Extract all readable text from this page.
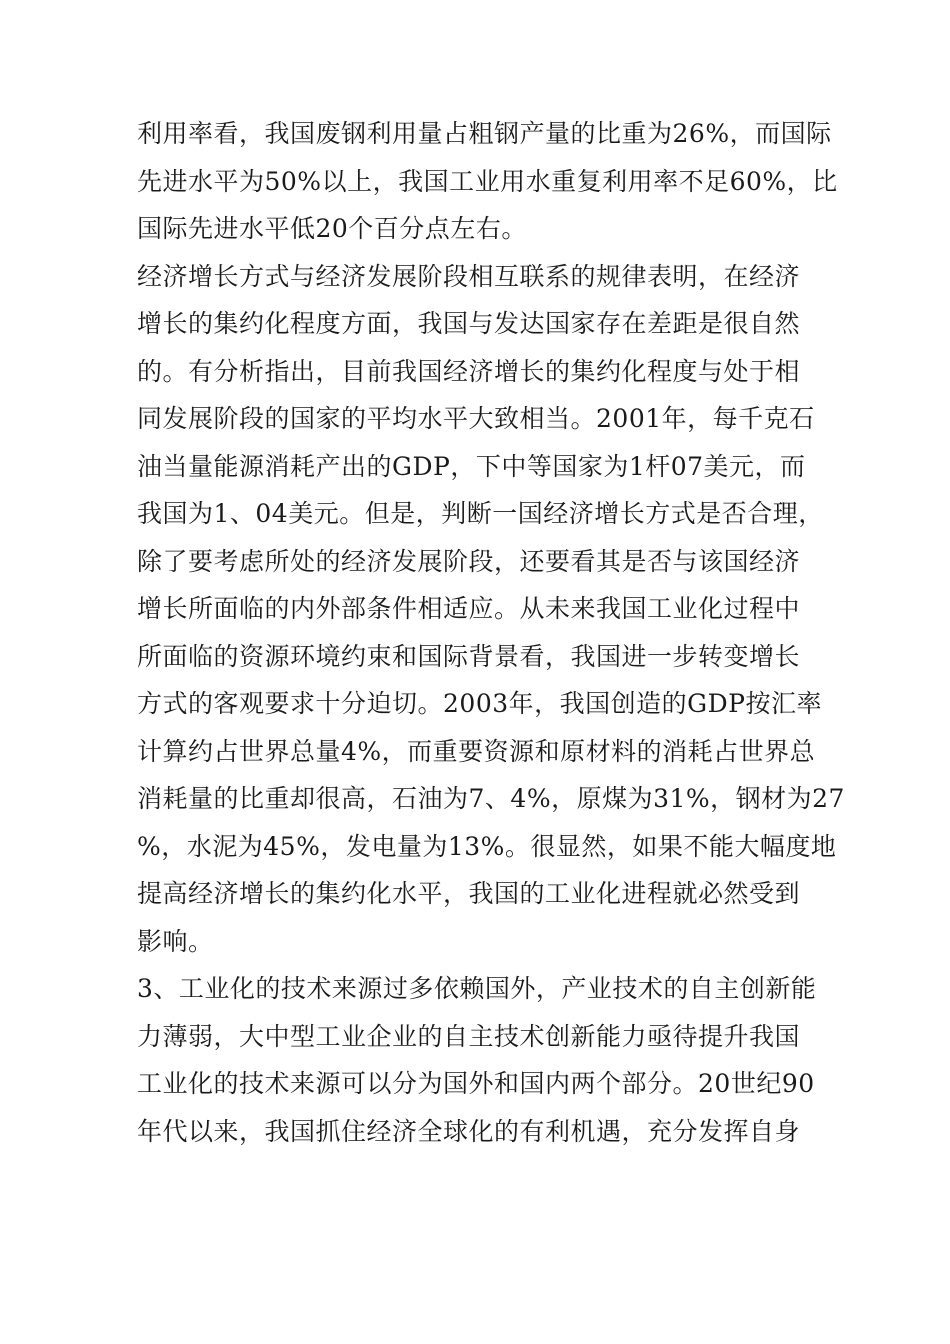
利用率看，我国废钢利用量占粗钢产量的比重为26%，而国际
先进水平为50%以上，我国工业用水重复利用率不足60%，比
国际先进水平低20个百分点左右。
经济增长方式与经济发展阶段相互联系的规律表明，在经济
增长的集约化程度方面，我国与发达国家存在差距是很自然
的。有分析指出，目前我国经济增长的集约化程度与处于相
同发展阶段的国家的平均水平大致相当。2001年，每千克石
油当量能源消耗产出的GDP，下中等国家为1杆07美元，而
我国为1、04美元。但是，判断一国经济增长方式是否合理，
除了要考虑所处的经济发展阶段，还要看其是否与该国经济
增长所面临的内外部条件相适应。从未来我国工业化过程中
所面临的资源环境约束和国际背景看，我国进一步转变增长
方式的客观要求十分迫切。2003年，我国创造的GDP按汇率
计算约占世界总量4%，而重要资源和原材料的消耗占世界总
消耗量的比重却很高，石油为7、4%，原煤为31%，钢材为27
%，水泥为45%，发电量为13%。很显然，如果不能大幅度地
提高经济增长的集约化水平，我国的工业化进程就必然受到
影响。
3、工业化的技术来源过多依赖国外，产业技术的自主创新能
力薄弱，大中型工业企业的自主技术创新能力亟待提升我国
工业化的技术来源可以分为国外和国内两个部分。20世纪90
年代以来，我国抓住经济全球化的有利机遇，充分发挥自身
